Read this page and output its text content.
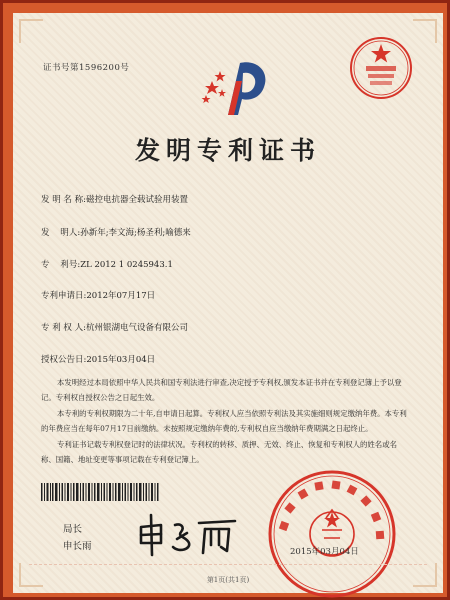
证书号第1596200号
发明专利证书
发 明 名 称:磁控电抗器全载试验用装置
发    明人:孙新年;李文海;杨圣利;喻德来
专    利号:ZL 2012 1 0245943.1
专利申请日:2012年07月17日
专 利 权 人:杭州银湖电气设备有限公司
授权公告日:2015年03月04日

本发明经过本局依照中华人民共和国专利法进行审查,决定授予专利权,颁发本证书并在专利登记簿上予以登记。专利权自授权公告之日起生效。

本专利的专利权期限为二十年,自申请日起算。专利权人应当依照专利法及其实施细则规定缴纳年费。本专利的年费应当在每年07月17日前缴纳。未按照规定缴纳年费的,专利权自应当缴纳年费期满之日起终止。

专利证书记载专利权登记时的法律状况。专利权的转移、质押、无效、终止、恢复和专利权人的姓名或名称、国籍、地址变更等事项记载在专利登记簿上。

局长
申长雨	2015年03月04日
第1页(共1页)
